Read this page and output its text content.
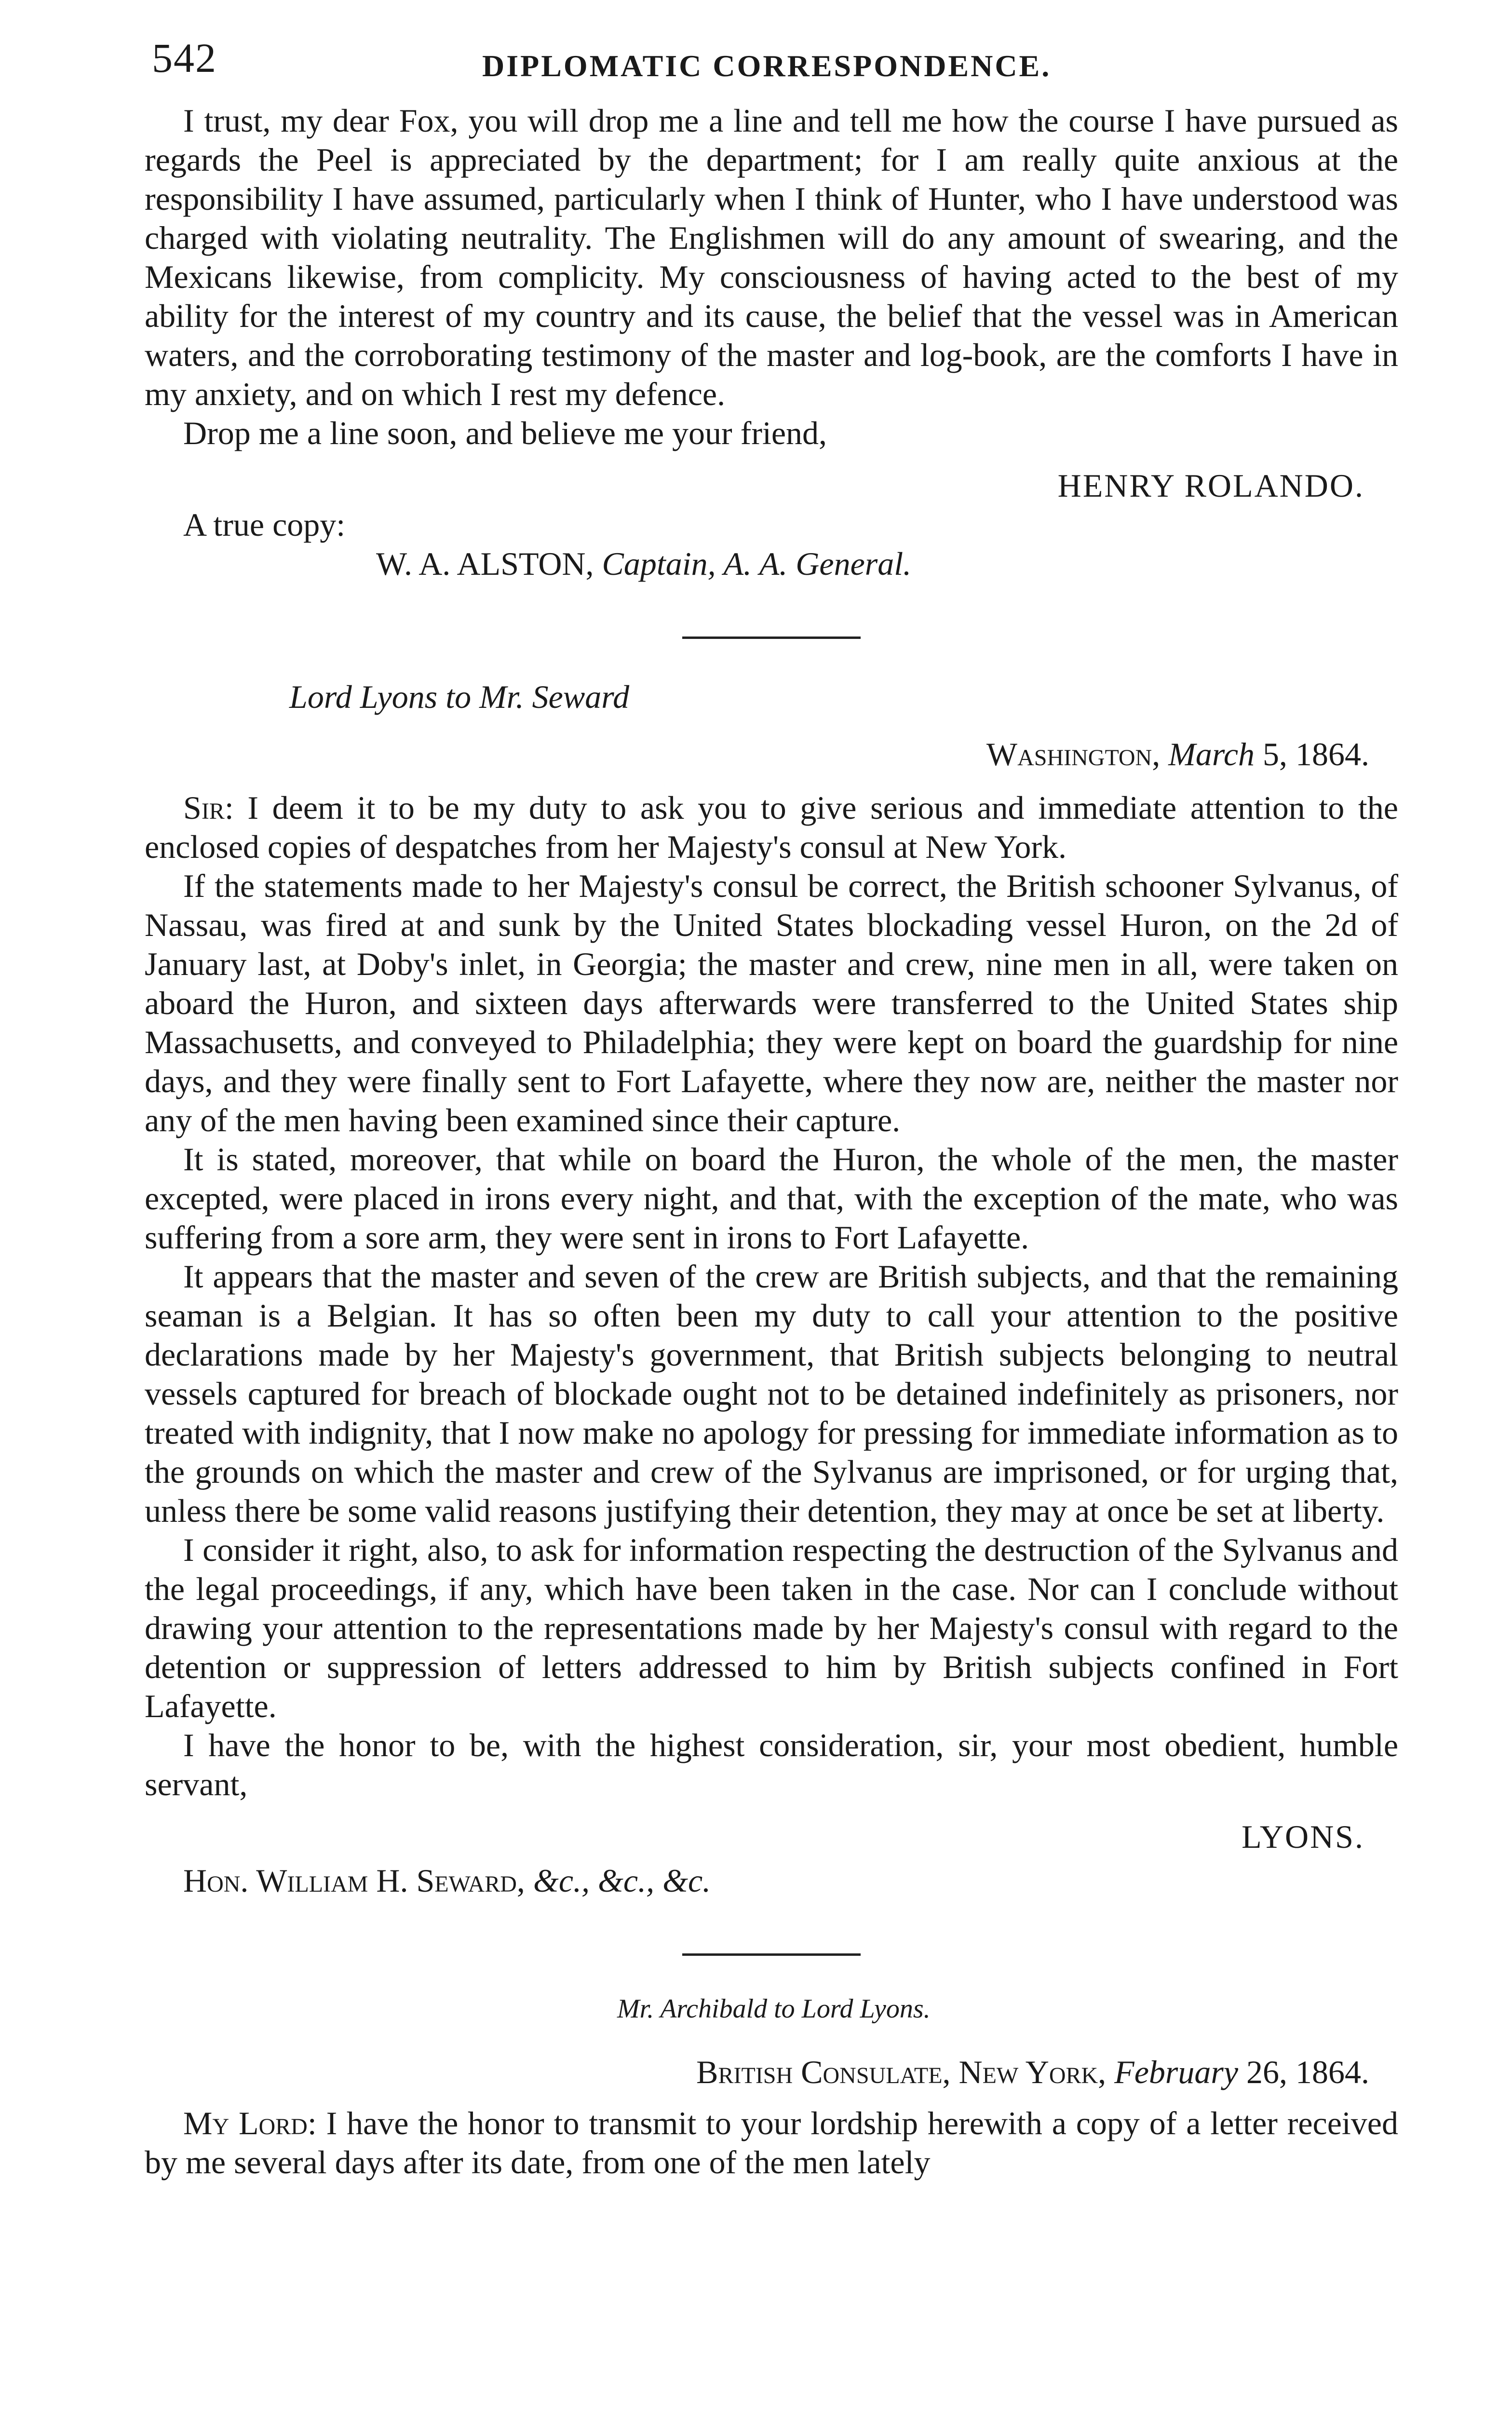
542	DIPLOMATIC CORRESPONDENCE.

I trust, my dear Fox, you will drop me a line and tell me how the course I have pursued as regards the Peel is appreciated by the department; for I am really quite anxious at the responsibility I have assumed, particularly when I think of Hunter, who I have understood was charged with violating neutrality. The Englishmen will do any amount of swearing, and the Mexicans likewise, from complicity. My consciousness of having acted to the best of my ability for the interest of my country and its cause, the belief that the vessel was in American waters, and the corroborating testimony of the master and log-book, are the comforts I have in my anxiety, and on which I rest my defence.

Drop me a line soon, and believe me your friend,

HENRY ROLANDO.
A true copy:
W. A. ALSTON, Captain, A. A. General.
Lord Lyons to Mr. Seward
Washington, March 5, 1864.

Sir: I deem it to be my duty to ask you to give serious and immediate attention to the enclosed copies of despatches from her Majesty's consul at New York.

If the statements made to her Majesty's consul be correct, the British schooner Sylvanus, of Nassau, was fired at and sunk by the United States blockading vessel Huron, on the 2d of January last, at Doby's inlet, in Georgia; the master and crew, nine men in all, were taken on aboard the Huron, and sixteen days afterwards were transferred to the United States ship Massachusetts, and conveyed to Philadelphia; they were kept on board the guardship for nine days, and they were finally sent to Fort Lafayette, where they now are, neither the master nor any of the men having been examined since their capture.

It is stated, moreover, that while on board the Huron, the whole of the men, the master excepted, were placed in irons every night, and that, with the exception of the mate, who was suffering from a sore arm, they were sent in irons to Fort Lafayette.

It appears that the master and seven of the crew are British subjects, and that the remaining seaman is a Belgian. It has so often been my duty to call your attention to the positive declarations made by her Majesty's government, that British subjects belonging to neutral vessels captured for breach of blockade ought not to be detained indefinitely as prisoners, nor treated with indignity, that I now make no apology for pressing for immediate information as to the grounds on which the master and crew of the Sylvanus are imprisoned, or for urging that, unless there be some valid reasons justifying their detention, they may at once be set at liberty.

I consider it right, also, to ask for information respecting the destruction of the Sylvanus and the legal proceedings, if any, which have been taken in the case. Nor can I conclude without drawing your attention to the representations made by her Majesty's consul with regard to the detention or suppression of letters addressed to him by British subjects confined in Fort Lafayette.

I have the honor to be, with the highest consideration, sir, your most obedient, humble servant,

LYONS.
Hon. William H. Seward, &c., &c., &c.
Mr. Archibald to Lord Lyons.
British Consulate, New York, February 26, 1864.

My Lord: I have the honor to transmit to your lordship herewith a copy of a letter received by me several days after its date, from one of the men lately
